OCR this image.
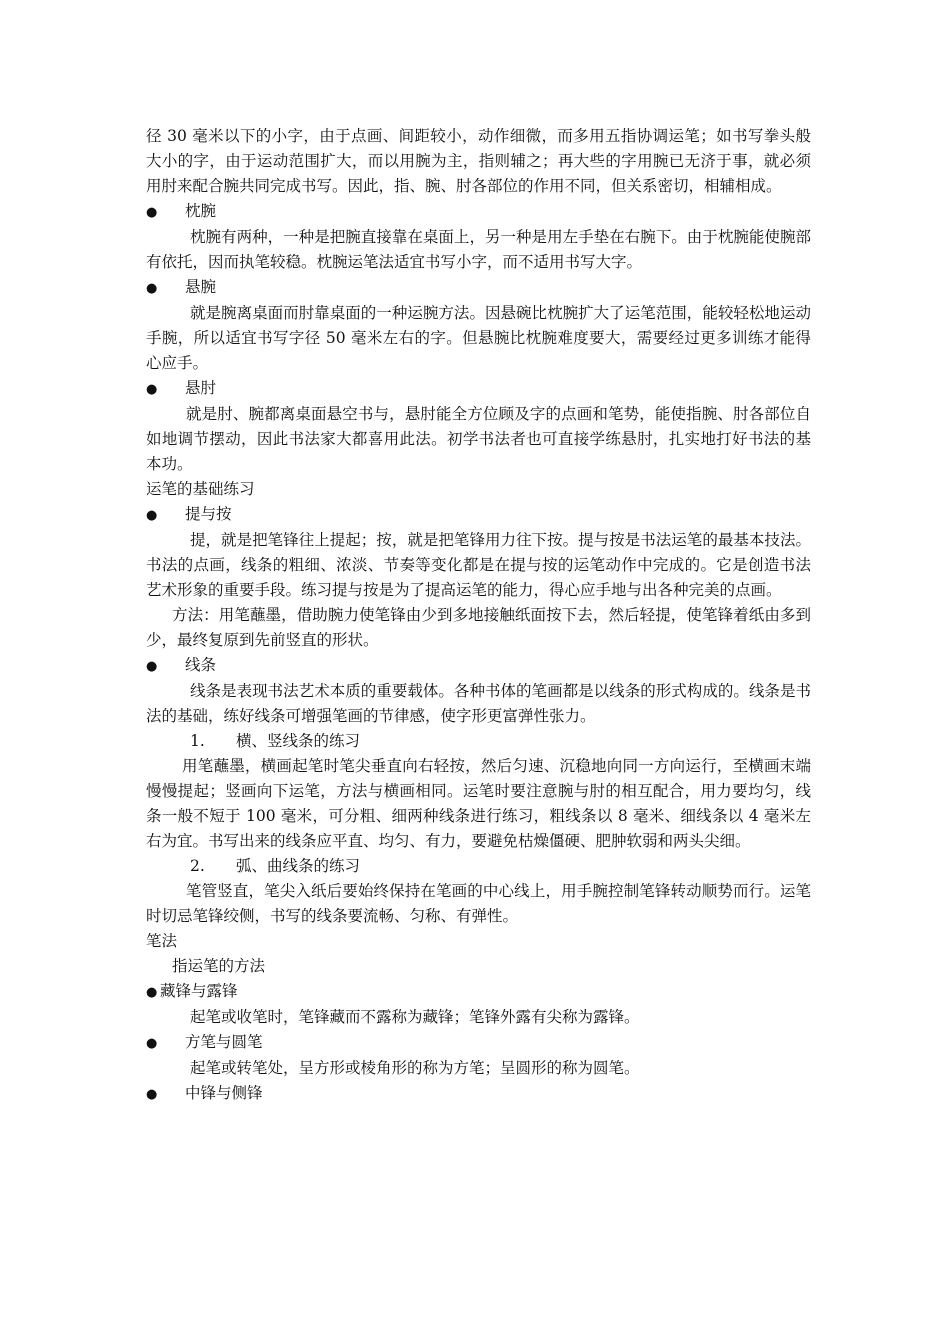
径 30 毫米以下的小字，由于点画、间距较小，动作细微，而多用五指协调运笔；如书写拳头般大小的字，由于运动范围扩大，而以用腕为主，指则辅之；再大些的字用腕已无济于事，就必须用肘来配合腕共同完成书写。因此，指、腕、肘各部位的作用不同，但关系密切，相辅相成。

● 枕腕

枕腕有两种，一种是把腕直接靠在桌面上，另一种是用左手垫在右腕下。由于枕腕能使腕部有依托，因而执笔较稳。枕腕运笔法适宜书写小字，而不适用书写大字。

● 悬腕

就是腕离桌面而肘靠桌面的一种运腕方法。因悬碗比枕腕扩大了运笔范围，能较轻松地运动手腕，所以适宜书写字径 50 毫米左右的字。但悬腕比枕腕难度要大，需要经过更多训练才能得心应手。

● 悬肘

就是肘、腕都离桌面悬空书与，悬肘能全方位顾及字的点画和笔势，能使指腕、肘各部位自如地调节摆动，因此书法家大都喜用此法。初学书法者也可直接学练悬肘，扎实地打好书法的基本功。

运笔的基础练习

● 提与按

提，就是把笔锋往上提起；按，就是把笔锋用力往下按。提与按是书法运笔的最基本技法。书法的点画，线条的粗细、浓淡、节奏等变化都是在提与按的运笔动作中完成的。它是创造书法艺术形象的重要手段。练习提与按是为了提高运笔的能力，得心应手地与出各种完美的点画。

方法：用笔蘸墨，借助腕力使笔锋由少到多地接触纸面按下去，然后轻提，使笔锋着纸由多到少，最终复原到先前竖直的形状。

● 线条

线条是表现书法艺术本质的重要载体。各种书体的笔画都是以线条的形式构成的。线条是书法的基础，练好线条可增强笔画的节律感，使字形更富弹性张力。

1. 横、竖线条的练习

用笔蘸墨，横画起笔时笔尖垂直向右轻按，然后匀速、沉稳地向同一方向运行，至横画末端慢慢提起；竖画向下运笔，方法与横画相同。运笔时要注意腕与肘的相互配合，用力要均匀，线条一般不短于 100 毫米，可分粗、细两种线条进行练习，粗线条以 8 毫米、细线条以 4 毫米左右为宜。书写出来的线条应平直、均匀、有力，要避免枯燥僵硬、肥肿软弱和两头尖细。

2. 弧、曲线条的练习

笔管竖直，笔尖入纸后要始终保持在笔画的中心线上，用手腕控制笔锋转动顺势而行。运笔时切忌笔锋绞侧，书写的线条要流畅、匀称、有弹性。

笔法

指运笔的方法

● 藏锋与露锋

起笔或收笔时，笔锋藏而不露称为藏锋；笔锋外露有尖称为露锋。

● 方笔与圆笔

起笔或转笔处，呈方形或棱角形的称为方笔；呈圆形的称为圆笔。

● 中锋与侧锋
